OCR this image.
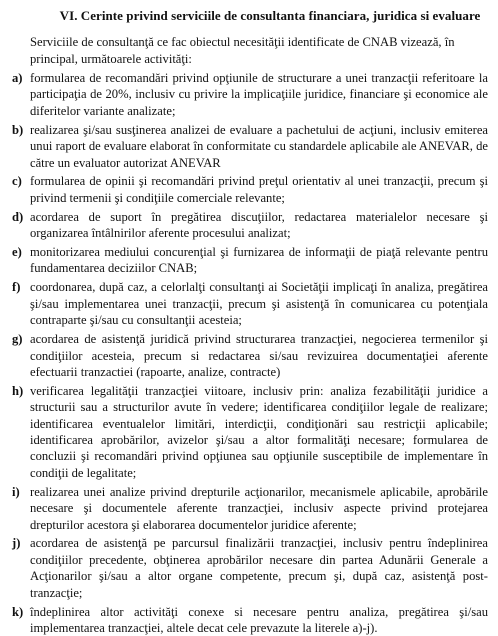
VI. Cerinte privind serviciile de consultanta financiara, juridica si evaluare
Serviciile de consultanţă ce fac obiectul necesităţii identificate de CNAB vizează, în principal, următoarele activităţi:
a) formularea de recomandări privind opţiunile de structurare a unei tranzacţii referitoare la participaţia de 20%, inclusiv cu privire la implicaţiile juridice, financiare şi economice ale diferitelor variante analizate;
b) realizarea şi/sau susţinerea analizei de evaluare a pachetului de acţiuni, inclusiv emiterea unui raport de evaluare elaborat în conformitate cu standardele aplicabile ale ANEVAR, de către un evaluator autorizat ANEVAR
c) formularea de opinii şi recomandări privind preţul orientativ al unei tranzacţii, precum şi privind termenii şi condiţiile comerciale relevante;
d) acordarea de suport în pregătirea discuţiilor, redactarea materialelor necesare şi organizarea întâlnirilor aferente procesului analizat;
e) monitorizarea mediului concurenţial şi furnizarea de informaţii de piaţă relevante pentru fundamentarea deciziilor CNAB;
f) coordonarea, după caz, a celorlalţi consultanţi ai Societăţii implicaţi în analiza, pregătirea şi/sau implementarea unei tranzacţii, precum şi asistenţă în comunicarea cu potenţiala contraparte şi/sau cu consultanţii acesteia;
g) acordarea de asistenţă juridică privind structurarea tranzacţiei, negocierea termenilor şi condiţiilor acesteia, precum si redactarea si/sau revizuirea documentaţiei aferente efectuarii tranzactiei (rapoarte, analize, contracte)
h) verificarea legalităţii tranzacţiei viitoare, inclusiv prin: analiza fezabilităţii juridice a structurii sau a structurilor avute în vedere; identificarea condiţiilor legale de realizare; identificarea eventualelor limitări, interdicţii, condiţionări sau restricţii aplicabile; identificarea aprobărilor, avizelor şi/sau a altor formalităţi necesare; formularea de concluzii şi recomandări privind opţiunea sau opţiunile susceptibile de implementare în condiţii de legalitate;
i) realizarea unei analize privind drepturile acţionarilor, mecanismele aplicabile, aprobările necesare şi documentele aferente tranzacţiei, inclusiv aspecte privind protejarea drepturilor acestora şi elaborarea documentelor juridice aferente;
j) acordarea de asistenţă pe parcursul finalizării tranzacţiei, inclusiv pentru îndeplinirea condiţiilor precedente, obţinerea aprobărilor necesare din partea Adunării Generale a Acţionarilor şi/sau a altor organe competente, precum şi, după caz, asistenţă post-tranzacţie;
k) îndeplinirea altor activităţi conexe si necesare pentru analiza, pregătirea şi/sau implementarea tranzacţiei, altele decat cele prevazute la literele a)-j).
